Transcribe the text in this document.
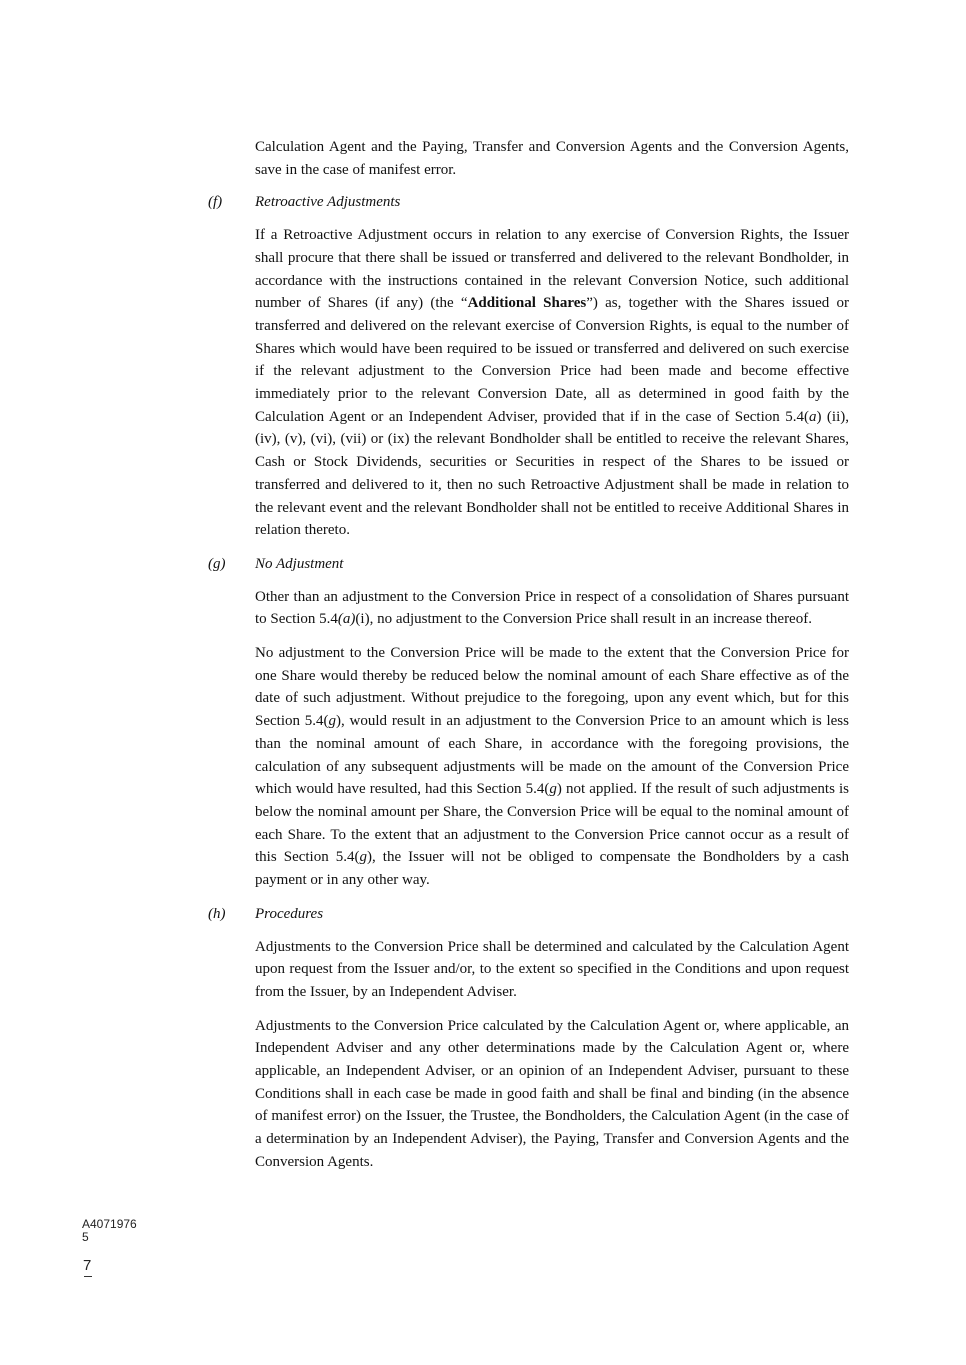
Calculation Agent and the Paying, Transfer and Conversion Agents and the Conversion Agents, save in the case of manifest error.

(f) Retroactive Adjustments

If a Retroactive Adjustment occurs in relation to any exercise of Conversion Rights, the Issuer shall procure that there shall be issued or transferred and delivered to the relevant Bondholder, in accordance with the instructions contained in the relevant Conversion Notice, such additional number of Shares (if any) (the “Additional Shares”) as, together with the Shares issued or transferred and delivered on the relevant exercise of Conversion Rights, is equal to the number of Shares which would have been required to be issued or transferred and delivered on such exercise if the relevant adjustment to the Conversion Price had been made and become effective immediately prior to the relevant Conversion Date, all as determined in good faith by the Calculation Agent or an Independent Adviser, provided that if in the case of Section 5.4(a) (ii), (iv), (v), (vi), (vii) or (ix) the relevant Bondholder shall be entitled to receive the relevant Shares, Cash or Stock Dividends, securities or Securities in respect of the Shares to be issued or transferred and delivered to it, then no such Retroactive Adjustment shall be made in relation to the relevant event and the relevant Bondholder shall not be entitled to receive Additional Shares in relation thereto.

(g) No Adjustment

Other than an adjustment to the Conversion Price in respect of a consolidation of Shares pursuant to Section 5.4(a)(i), no adjustment to the Conversion Price shall result in an increase thereof.

No adjustment to the Conversion Price will be made to the extent that the Conversion Price for one Share would thereby be reduced below the nominal amount of each Share effective as of the date of such adjustment. Without prejudice to the foregoing, upon any event which, but for this Section 5.4(g), would result in an adjustment to the Conversion Price to an amount which is less than the nominal amount of each Share, in accordance with the foregoing provisions, the calculation of any subsequent adjustments will be made on the amount of the Conversion Price which would have resulted, had this Section 5.4(g) not applied. If the result of such adjustments is below the nominal amount per Share, the Conversion Price will be equal to the nominal amount of each Share. To the extent that an adjustment to the Conversion Price cannot occur as a result of this Section 5.4(g), the Issuer will not be obliged to compensate the Bondholders by a cash payment or in any other way.

(h) Procedures

Adjustments to the Conversion Price shall be determined and calculated by the Calculation Agent upon request from the Issuer and/or, to the extent so specified in the Conditions and upon request from the Issuer, by an Independent Adviser.

Adjustments to the Conversion Price calculated by the Calculation Agent or, where applicable, an Independent Adviser and any other determinations made by the Calculation Agent or, where applicable, an Independent Adviser, or an opinion of an Independent Adviser, pursuant to these Conditions shall in each case be made in good faith and shall be final and binding (in the absence of manifest error) on the Issuer, the Trustee, the Bondholders, the Calculation Agent (in the case of a determination by an Independent Adviser), the Paying, Transfer and Conversion Agents and the Conversion Agents.

A4071976
5
7
